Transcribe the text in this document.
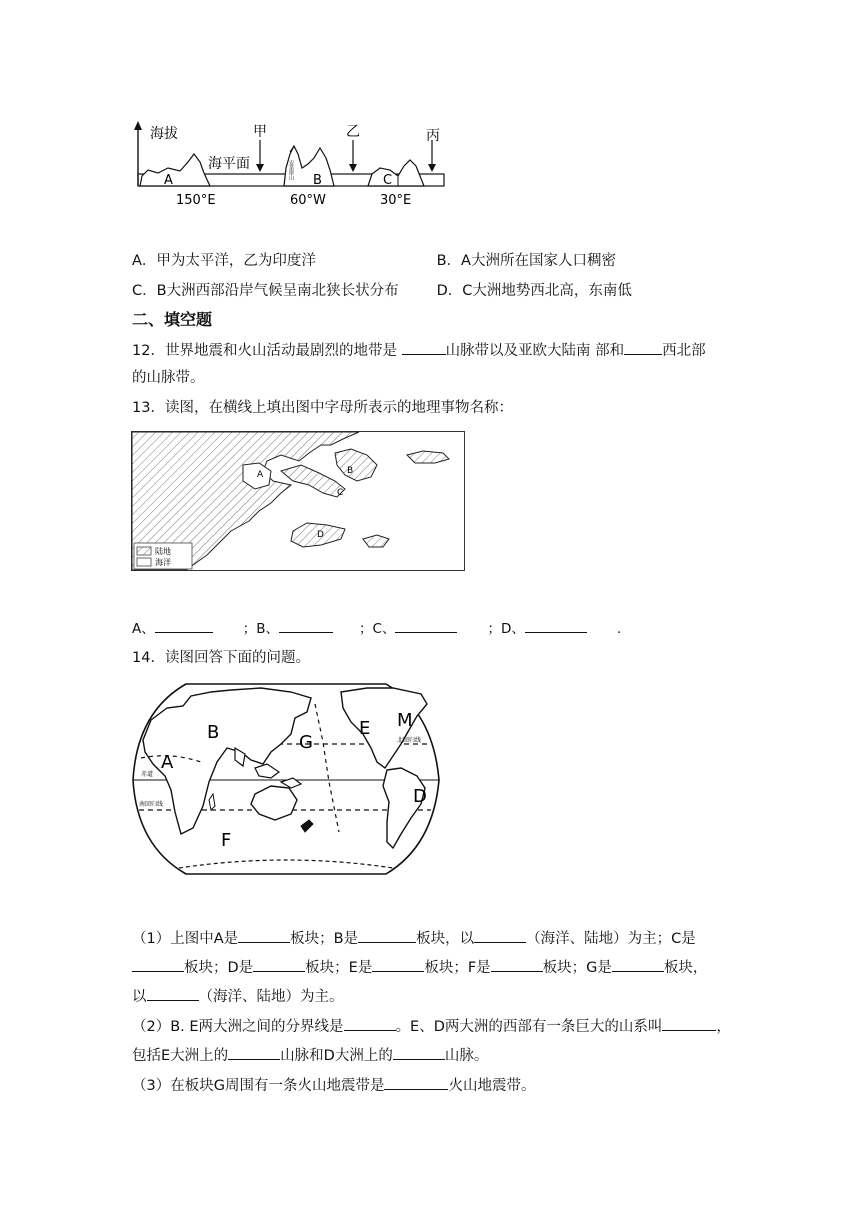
海拔
海平面
甲	乙	丙
A	B	C
安第斯山
150°E	60°W	30°E
A．甲为太平洋，乙为印度洋	B．A大洲所在国家人口稠密
C．B大洲西部沿岸气候呈南北狭长状分布	D．C大洲地势西北高，东南低
二、填空题
12．世界地震和火山活动最剧烈的地带是	山脉带以及亚欧大陆南 部和	西北部
的山脉带。
13．读图，在横线上填出图中字母所表示的地理事物名称：
A	B
C
D
陆地
海洋
A、	；B、	；C、	；D、	.
14．读图回答下面的问题。
A
B	G
E M
D
F
赤道
北回归线
南回归线
（1）上图中A是	板块；B是	板块，以	（海洋、陆地）为主；C是
板块；D是	板块；E是	板块；F是	板块；G是	板块，
以	（海洋、陆地）为主。
（2）B. E两大洲之间的分界线是	。E、D两大洲的西部有一条巨大的山系叫	，
包括E大洲上的	山脉和D大洲上的	山脉。
（3）在板块G周围有一条火山地震带是	火山地震带。
